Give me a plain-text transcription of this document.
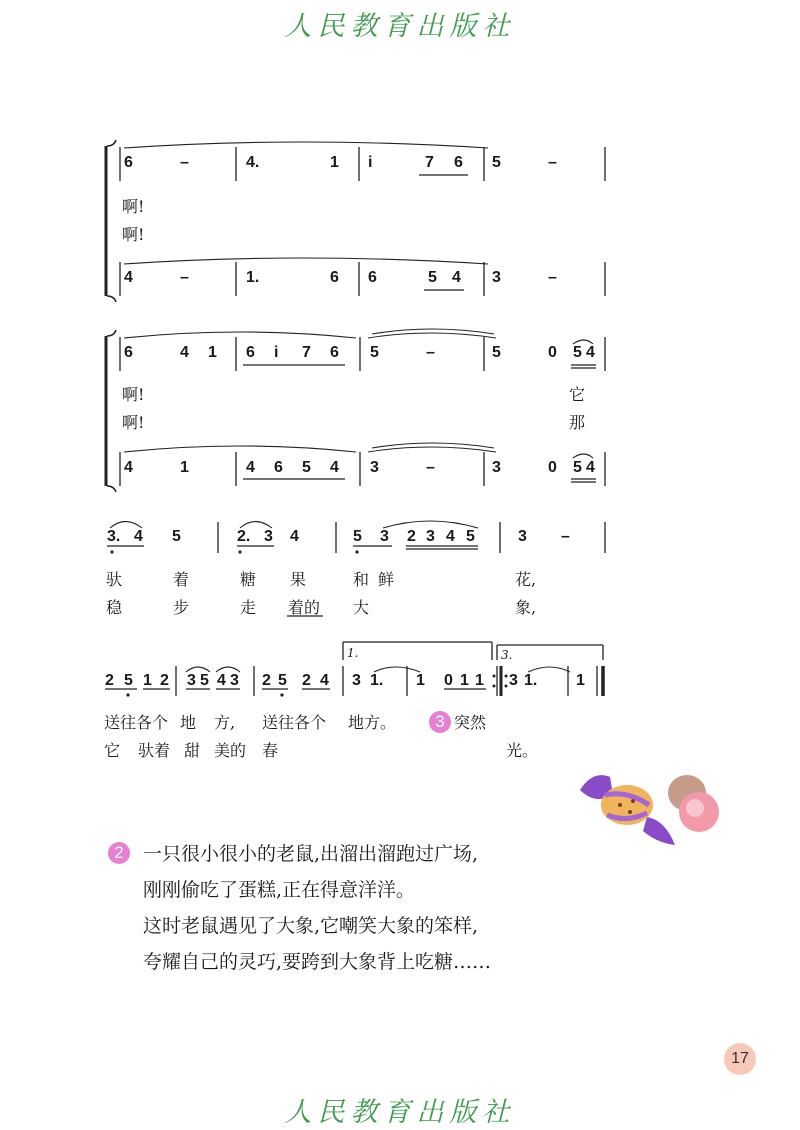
人民教育出版社
6	–	4.	1 i	7 6 5	–
啊!
啊!
4	–	1.	6 6	5 4 3	–
6	4 1 6 i 7 6 5	–	5	0 5 4
啊!
啊!
它
那
4	1	4 6 5 4 3	–	3	0 5 4
3. 4 5	2. 3 4	5 3 2 3 4 5	3 –
驮	着	糖 果	和 鲜	花,
稳	步	走 着的 大	象,
1.	3.
2 5 1 2 3 5 4 3 2 5 2 4 3 1. 1 0 1 1 3 1. 1
送往各个 地 方, 送往各个 地方。	3 突然
它 驮着 甜 美的 春	光。
2	一只很小很小的老鼠,出溜出溜跑过广场,
刚刚偷吃了蛋糕,正在得意洋洋。
这时老鼠遇见了大象,它嘲笑大象的笨样,
夸耀自己的灵巧,要跨到大象背上吃糖……
17
人民教育出版社
